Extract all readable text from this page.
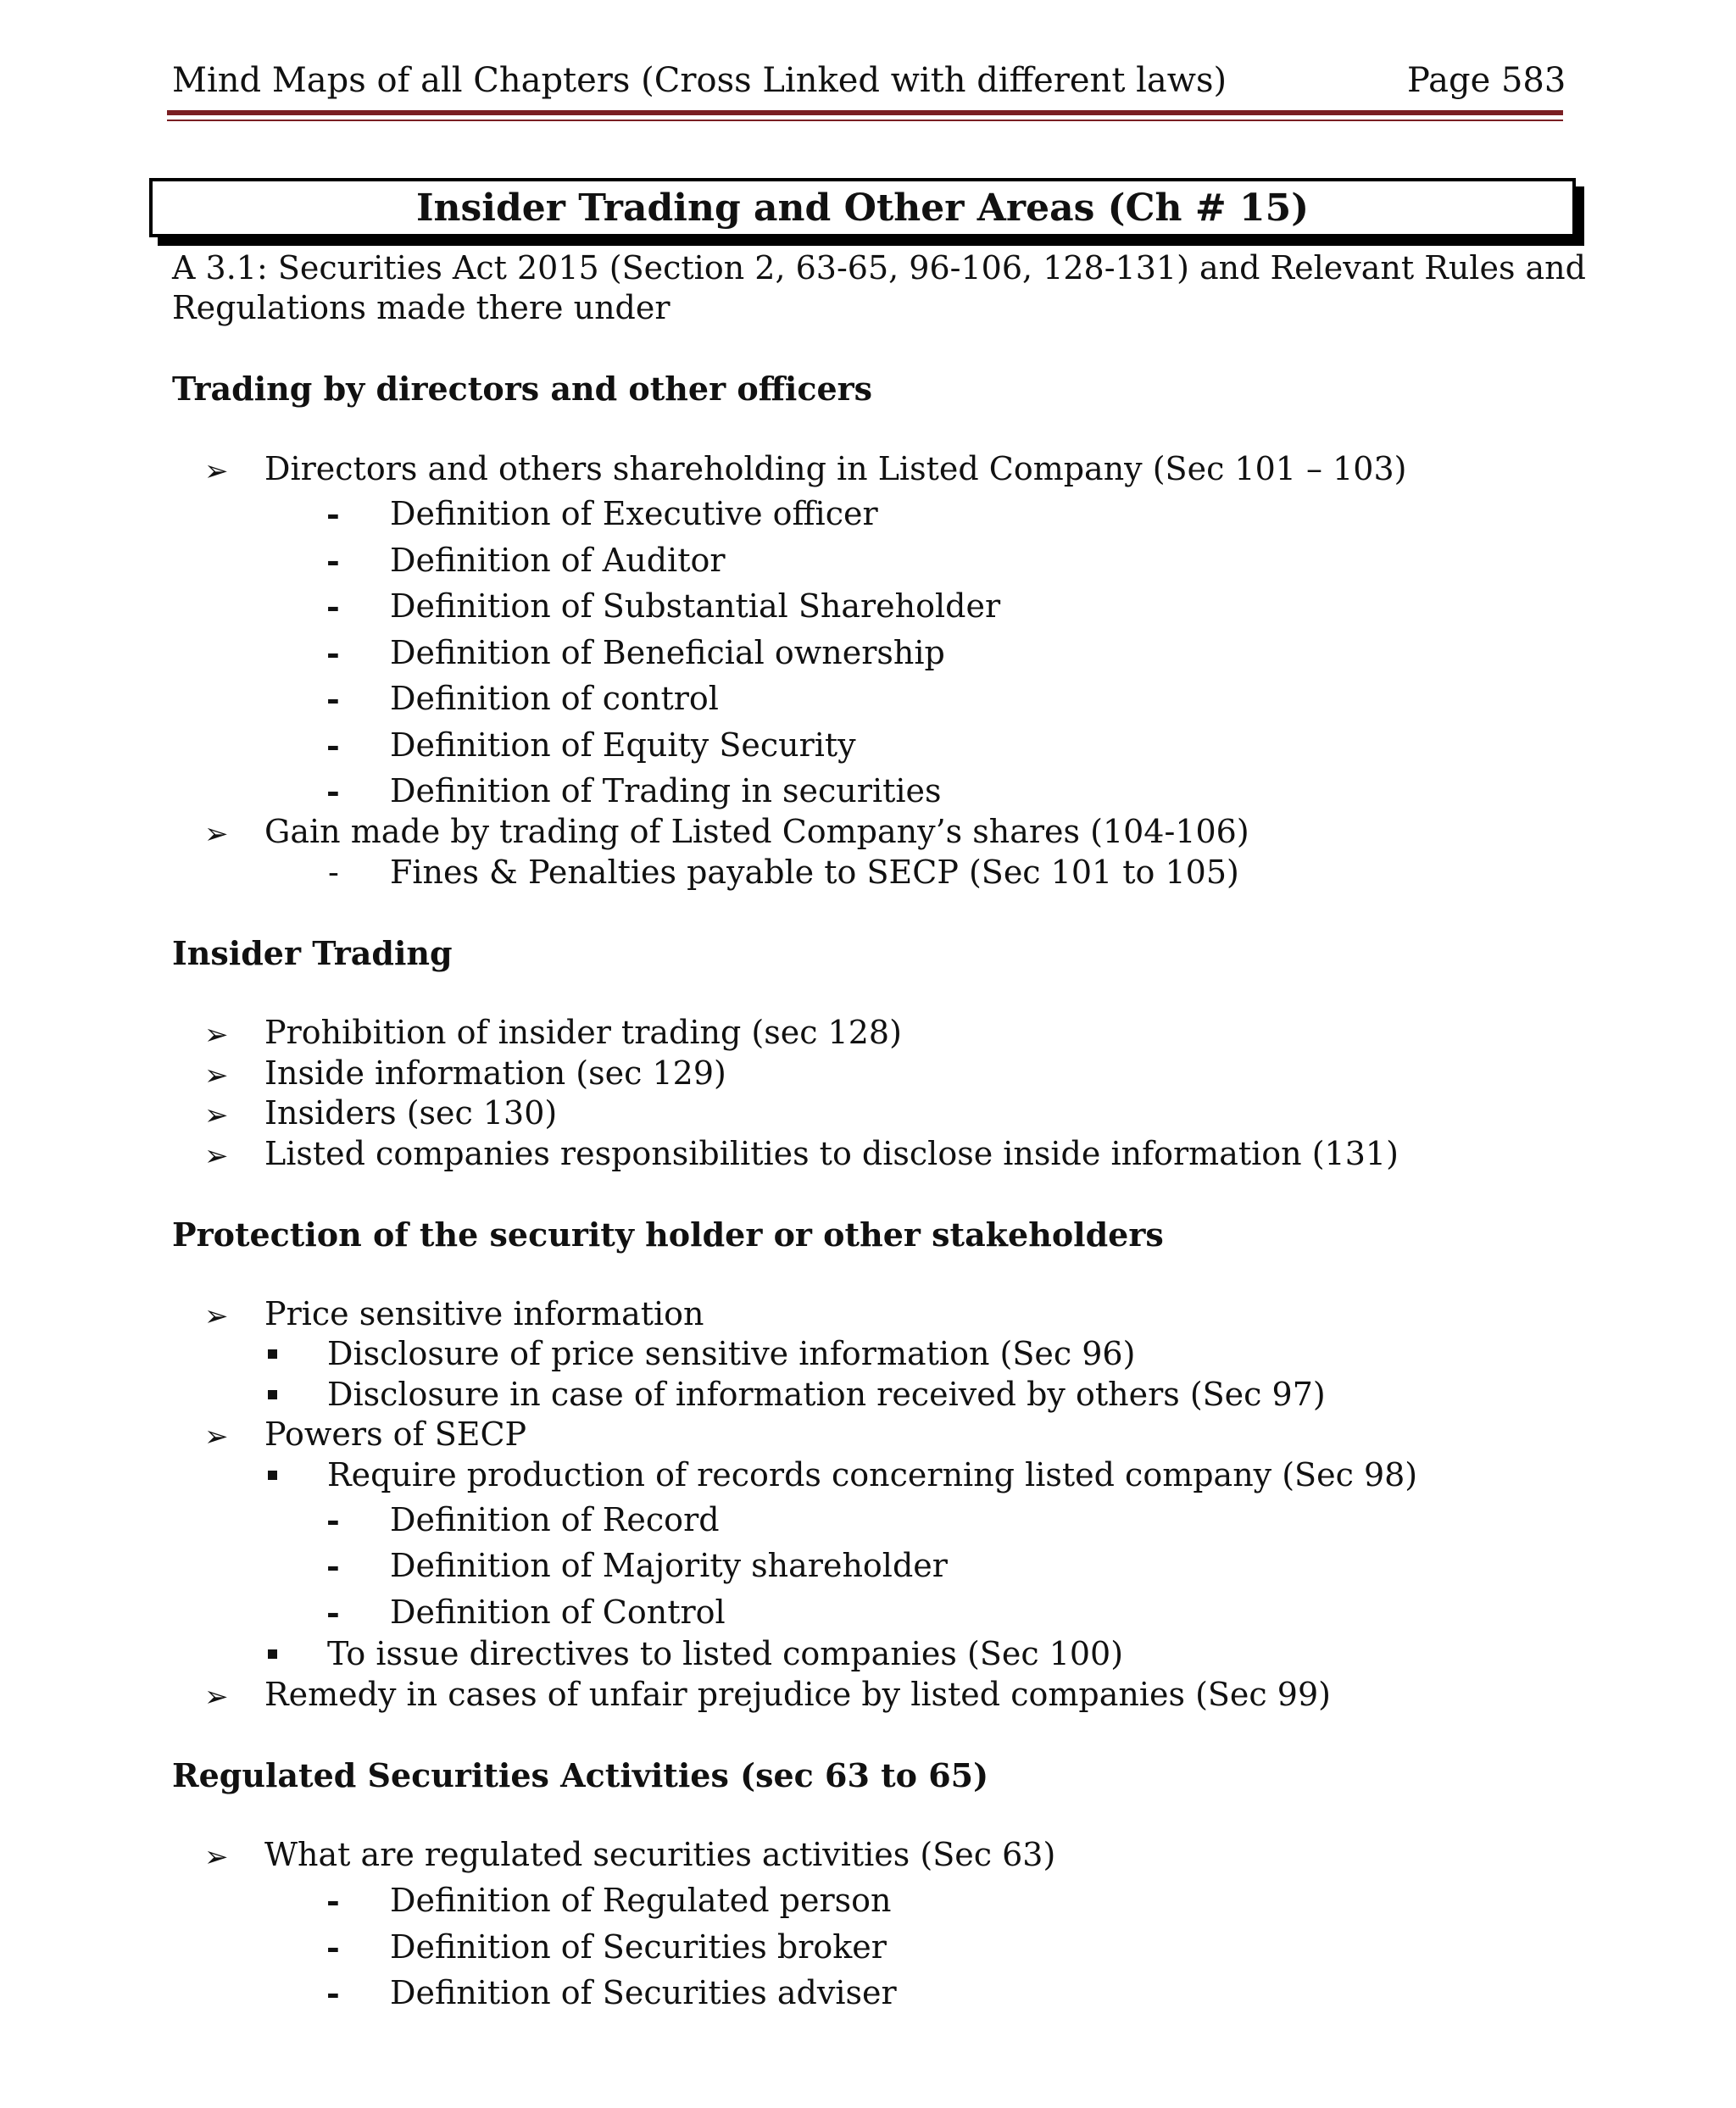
Mind Maps of all Chapters (Cross Linked with different laws)	Page 583
Insider Trading and Other Areas (Ch # 15)
A 3.1: Securities Act 2015 (Section 2, 63-65, 96-106, 128-131) and Relevant Rules and
Regulations made there under
Trading by directors and other officers
➢ Directors and others shareholding in Listed Company (Sec 101 – 103)
- Definition of Executive officer
- Definition of Auditor
- Definition of Substantial Shareholder
- Definition of Beneficial ownership
- Definition of control
- Definition of Equity Security
- Definition of Trading in securities
➢ Gain made by trading of Listed Company’s shares (104-106)
- Fines & Penalties payable to SECP (Sec 101 to 105)
Insider Trading
➢ Prohibition of insider trading (sec 128)
➢ Inside information (sec 129)
➢ Insiders (sec 130)
➢ Listed companies responsibilities to disclose inside information (131)
Protection of the security holder or other stakeholders
➢ Price sensitive information
Disclosure of price sensitive information (Sec 96)
Disclosure in case of information received by others (Sec 97)
➢ Powers of SECP
Require production of records concerning listed company (Sec 98)
- Definition of Record
- Definition of Majority shareholder
- Definition of Control
To issue directives to listed companies (Sec 100)
➢ Remedy in cases of unfair prejudice by listed companies (Sec 99)
Regulated Securities Activities (sec 63 to 65)
➢ What are regulated securities activities (Sec 63)
- Definition of Regulated person
- Definition of Securities broker
- Definition of Securities adviser
